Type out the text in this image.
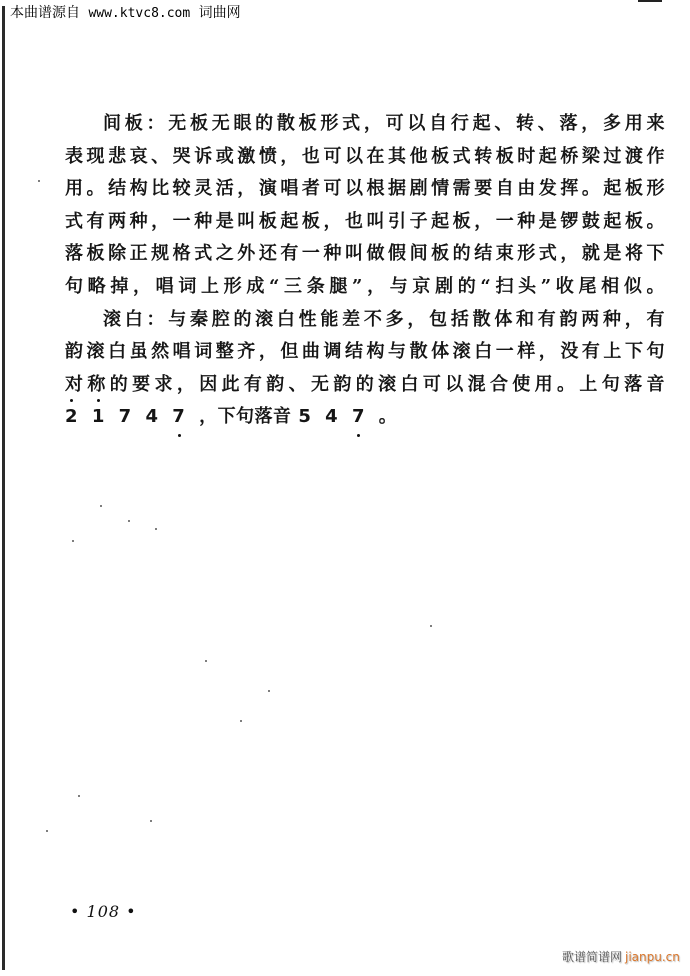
本曲谱源自 www.ktvc8.com 词曲网
间板：无板无眼的散板形式，可以自行起、转、落，多用来
表现悲哀、哭诉或激愤，也可以在其他板式转板时起桥梁过渡作
用。结构比较灵活，演唱者可以根据剧情需要自由发挥。起板形
式有两种，一种是叫板起板，也叫引子起板，一种是锣鼓起板。
落板除正规格式之外还有一种叫做假间板的结束形式，就是将下
句略掉，唱词上形成“三条腿”，与京剧的“扫头”收尾相似。
滚白：与秦腔的滚白性能差不多，包括散体和有韵两种，有
韵滚白虽然唱词整齐，但曲调结构与散体滚白一样，没有上下句
对称的要求，因此有韵、无韵的滚白可以混合使用。上句落音
2 1 7 4 7 ，下句落音 5 4 7 。
• 108 •
歌谱简谱网 jianpu.cn
